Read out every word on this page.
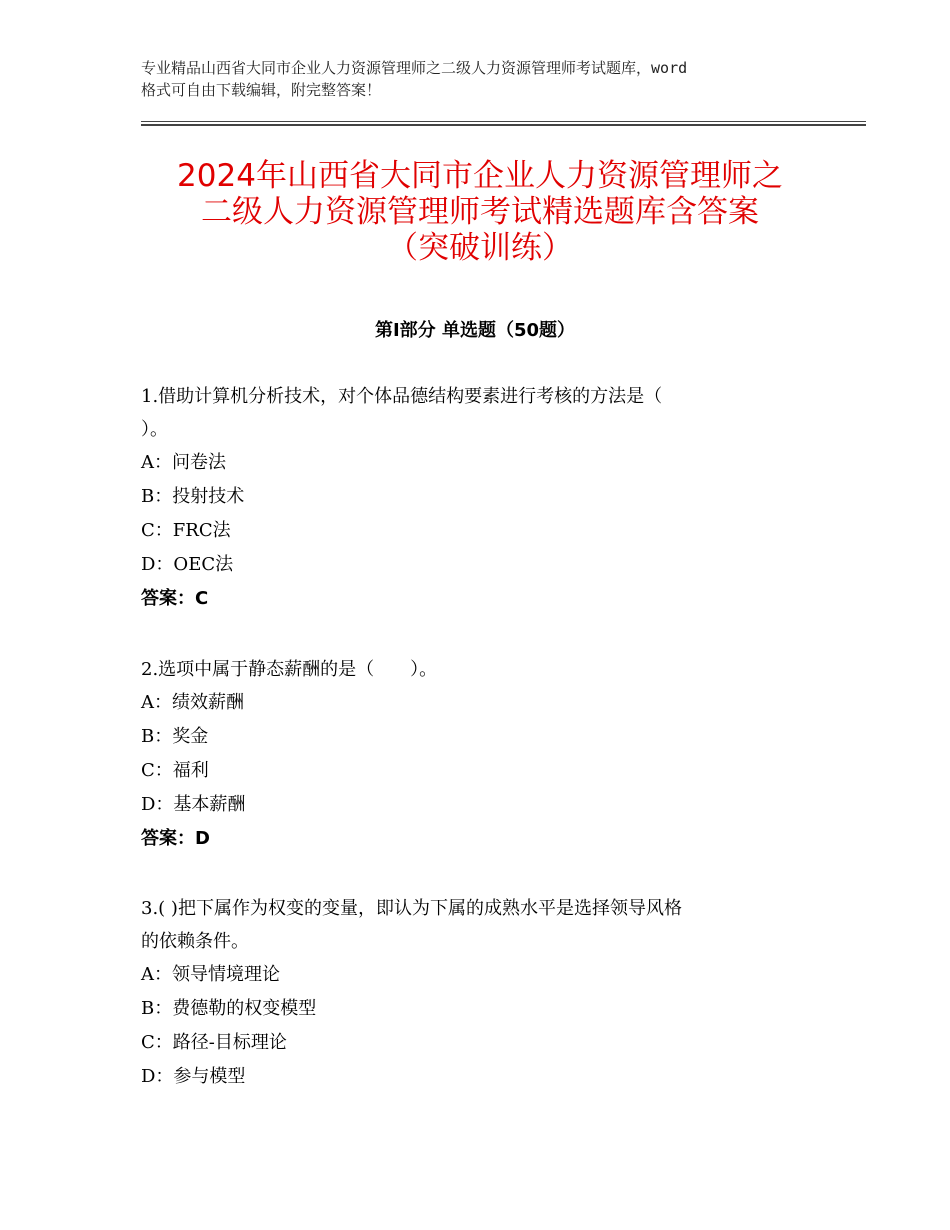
专业精品山西省大同市企业人力资源管理师之二级人力资源管理师考试题库，word
格式可自由下载编辑，附完整答案！
2024年山西省大同市企业人力资源管理师之
二级人力资源管理师考试精选题库含答案
（突破训练）
第Ⅰ部分 单选题（50题）
1.借助计算机分析技术，对个体品德结构要素进行考核的方法是（
）。
A：问卷法
B：投射技术
C：FRC法
D：OEC法
答案：C
2.选项中属于静态薪酬的是（　　）。
A：绩效薪酬
B：奖金
C：福利
D：基本薪酬
答案：D
3.( )把下属作为权变的变量，即认为下属的成熟水平是选择领导风格
的依赖条件。
A：领导情境理论
B：费德勒的权变模型
C：路径-目标理论
D：参与模型
